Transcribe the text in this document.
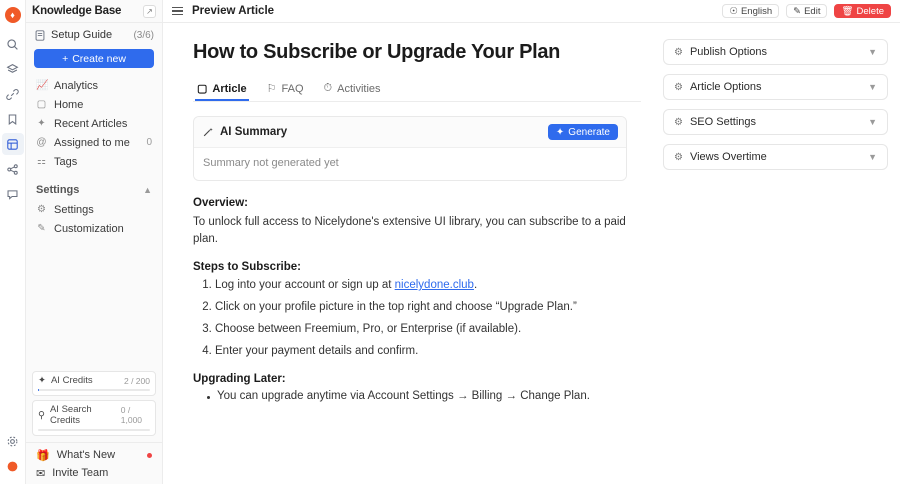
♦	Knowledge Base	↗
Setup Guide (3/6)
+ Create new
📈 Analytics
▢ Home
✦ Recent Articles
@ Assigned to me 0
⚏ Tags
Settings	▲
⚙ Settings
✎ Customization
✦ AI Credits	2 / 200
⚲ AI Search Credits
0 / 1,000
🎁 What's New
✉ Invite Team
Preview Article	☉ English ✎ Edit 🗑 Delete
How to Subscribe or Upgrade Your Plan
▢ Article ⚐ FAQ ⏱ Activities
AI Summary	✦ Generate
Summary not generated yet
Overview:

To unlock full access to Nicelydone's extensive UI library, you can subscribe to a paid plan.

Steps to Subscribe:
1. Log into your account or sign up at nicelydone.club.
2. Click on your profile picture in the top right and choose “Upgrade Plan.”
3. Choose between Freemium, Pro, or Enterprise (if available).
4. Enter your payment details and confirm.
Upgrading Later:
You can upgrade anytime via Account Settings → Billing → Change Plan.
⚙ Publish Options	▼
⚙ Article Options	▼
⚙ SEO Settings	▼
⚙ Views Overtime	▼
